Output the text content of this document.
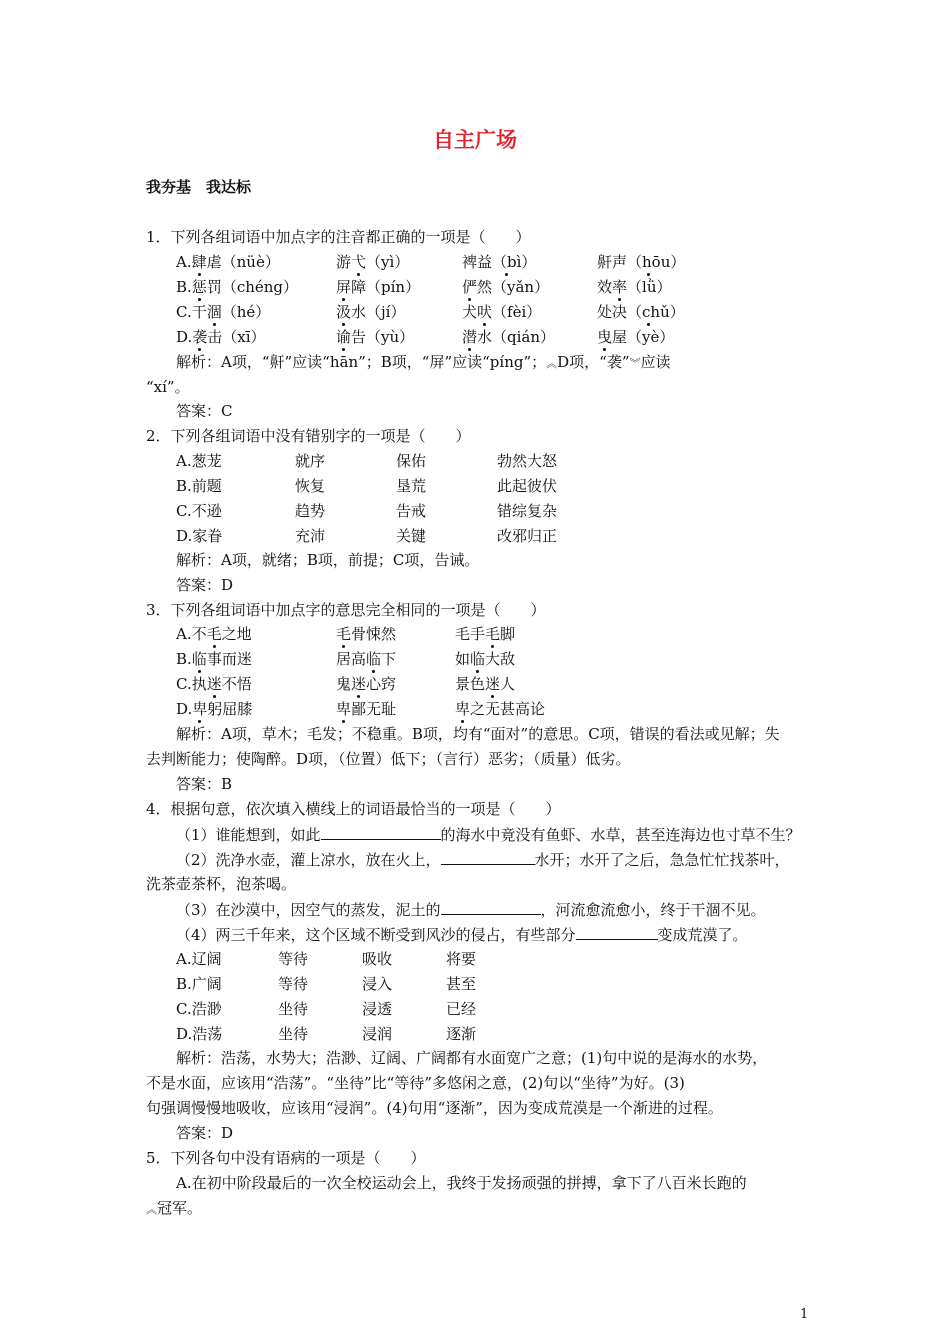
自主广场
我夯基　我达标
1．下列各组词语中加点字的注音都正确的一项是（　　）
A.肆虐（nüè）	游弋（yì）	裨益（bì）	鼾声（hōu）
B.惩罚（chéng）	屏障（pín）	俨然（yǎn）	效率（lǜ）
C.干涸（hé）	汲水（jí）	犬吠（fèi）	处决（chǔ）
D.袭击（xī）	谕告（yù）	潜水（qián）	曳屋（yè）
解析：A项，“鼾”应读“hān”；B项，“屏”应读“píng”；︽D项，“袭”︾应读
“xí”。
答案：C
2．下列各组词语中没有错别字的一项是（　　）
A.葱茏	就序	保佑	勃然大怒
B.前题	恢复	垦荒	此起彼伏
C.不逊	趋势	告戒	错综复杂
D.家眷	充沛	关键	改邪归正
解析：A项，就绪；B项，前提；C项，告诫。
答案：D
3．下列各组词语中加点字的意思完全相同的一项是（　　）
A.不毛之地	毛骨悚然	毛手毛脚
B.临事而迷	居高临下	如临大敌
C.执迷不悟	鬼迷心窍	景色迷人
D.卑躬屈膝	卑鄙无耻	卑之无甚高论
解析：A项，草木；毛发；不稳重。B项，均有“面对”的意思。C项，错误的看法或见解；失
去判断能力；使陶醉。D项，（位置）低下；（言行）恶劣；（质量）低劣。
答案：B
4．根据句意，依次填入横线上的词语最恰当的一项是（　　）
（1）谁能想到，如此	的海水中竟没有鱼虾、水草，甚至连海边也寸草不生？
（2）洗净水壶，灌上凉水，放在火上，	水开；水开了之后，急急忙忙找茶叶，
洗茶壶茶杯，泡茶喝。
（3）在沙漠中，因空气的蒸发，泥土的	，河流愈流愈小，终于干涸不见。
（4）两三千年来，这个区域不断受到风沙的侵占，有些部分	变成荒漠了。
A.辽阔	等待	吸收	将要
B.广阔	等待	浸入	甚至
C.浩渺	坐待	浸透	已经
D.浩荡	坐待	浸润	逐渐
解析：浩荡，水势大；浩渺、辽阔、广阔都有水面宽广之意；(1)句中说的是海水的水势，
不是水面，应该用“浩荡”。“坐待”比“等待”多悠闲之意，(2)句以“坐待”为好。(3)
句强调慢慢地吸收，应该用“浸润”。(4)句用“逐渐”，因为变成荒漠是一个渐进的过程。
答案：D
5．下列各句中没有语病的一项是（　　）
A.在初中阶段最后的一次全校运动会上，我终于发扬顽强的拼搏，拿下了八百米长跑的
︽冠军。
1
